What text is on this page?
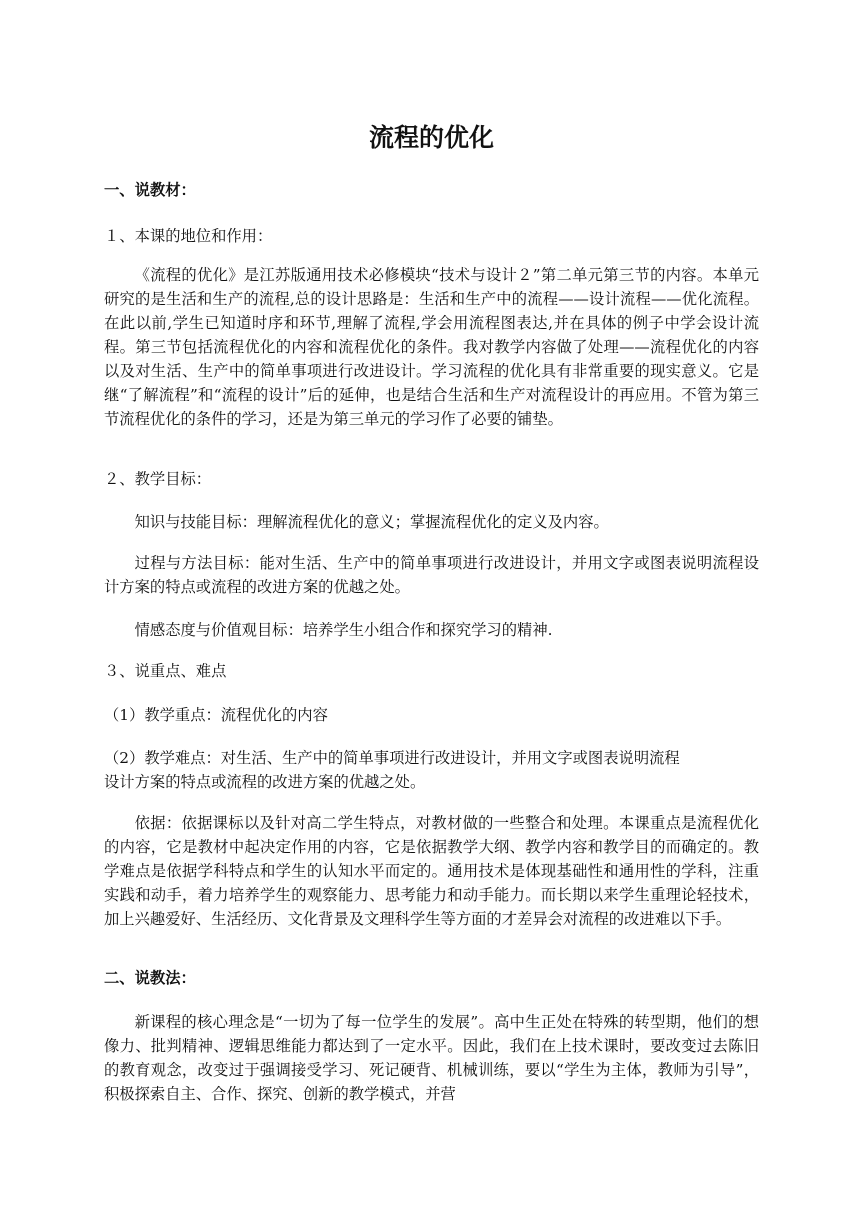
流程的优化

一、说教材：

１、本课的地位和作用：

《流程的优化》是江苏版通用技术必修模块“技术与设计２”第二单元第三节的内容。本单元研究的是生活和生产的流程,总的设计思路是：生活和生产中的流程——设计流程——优化流程。在此以前,学生已知道时序和环节,理解了流程,学会用流程图表达,并在具体的例子中学会设计流程。第三节包括流程优化的内容和流程优化的条件。我对教学内容做了处理——流程优化的内容以及对生活、生产中的简单事项进行改进设计。学习流程的优化具有非常重要的现实意义。它是继“了解流程”和“流程的设计”后的延伸，也是结合生活和生产对流程设计的再应用。不管为第三节流程优化的条件的学习，还是为第三单元的学习作了必要的铺垫。

２、教学目标：

知识与技能目标：理解流程优化的意义；掌握流程优化的定义及内容。

过程与方法目标：能对生活、生产中的简单事项进行改进设计，并用文字或图表说明流程设计方案的特点或流程的改进方案的优越之处。

情感态度与价值观目标：培养学生小组合作和探究学习的精神.

３、说重点、难点

（1）教学重点：流程优化的内容

（2）教学难点：对生活、生产中的简单事项进行改进设计，并用文字或图表说明流程

设计方案的特点或流程的改进方案的优越之处。

依据：依据课标以及针对高二学生特点，对教材做的一些整合和处理。本课重点是流程优化的内容，它是教材中起决定作用的内容，它是依据教学大纲、教学内容和教学目的而确定的。教学难点是依据学科特点和学生的认知水平而定的。通用技术是体现基础性和通用性的学科，注重实践和动手，着力培养学生的观察能力、思考能力和动手能力。而长期以来学生重理论轻技术，加上兴趣爱好、生活经历、文化背景及文理科学生等方面的才差异会对流程的改进难以下手。

二、说教法：

新课程的核心理念是“一切为了每一位学生的发展”。高中生正处在特殊的转型期，他们的想像力、批判精神、逻辑思维能力都达到了一定水平。因此，我们在上技术课时，要改变过去陈旧的教育观念，改变过于强调接受学习、死记硬背、机械训练，要以“学生为主体，教师为引导”，积极探索自主、合作、探究、创新的教学模式，并营
